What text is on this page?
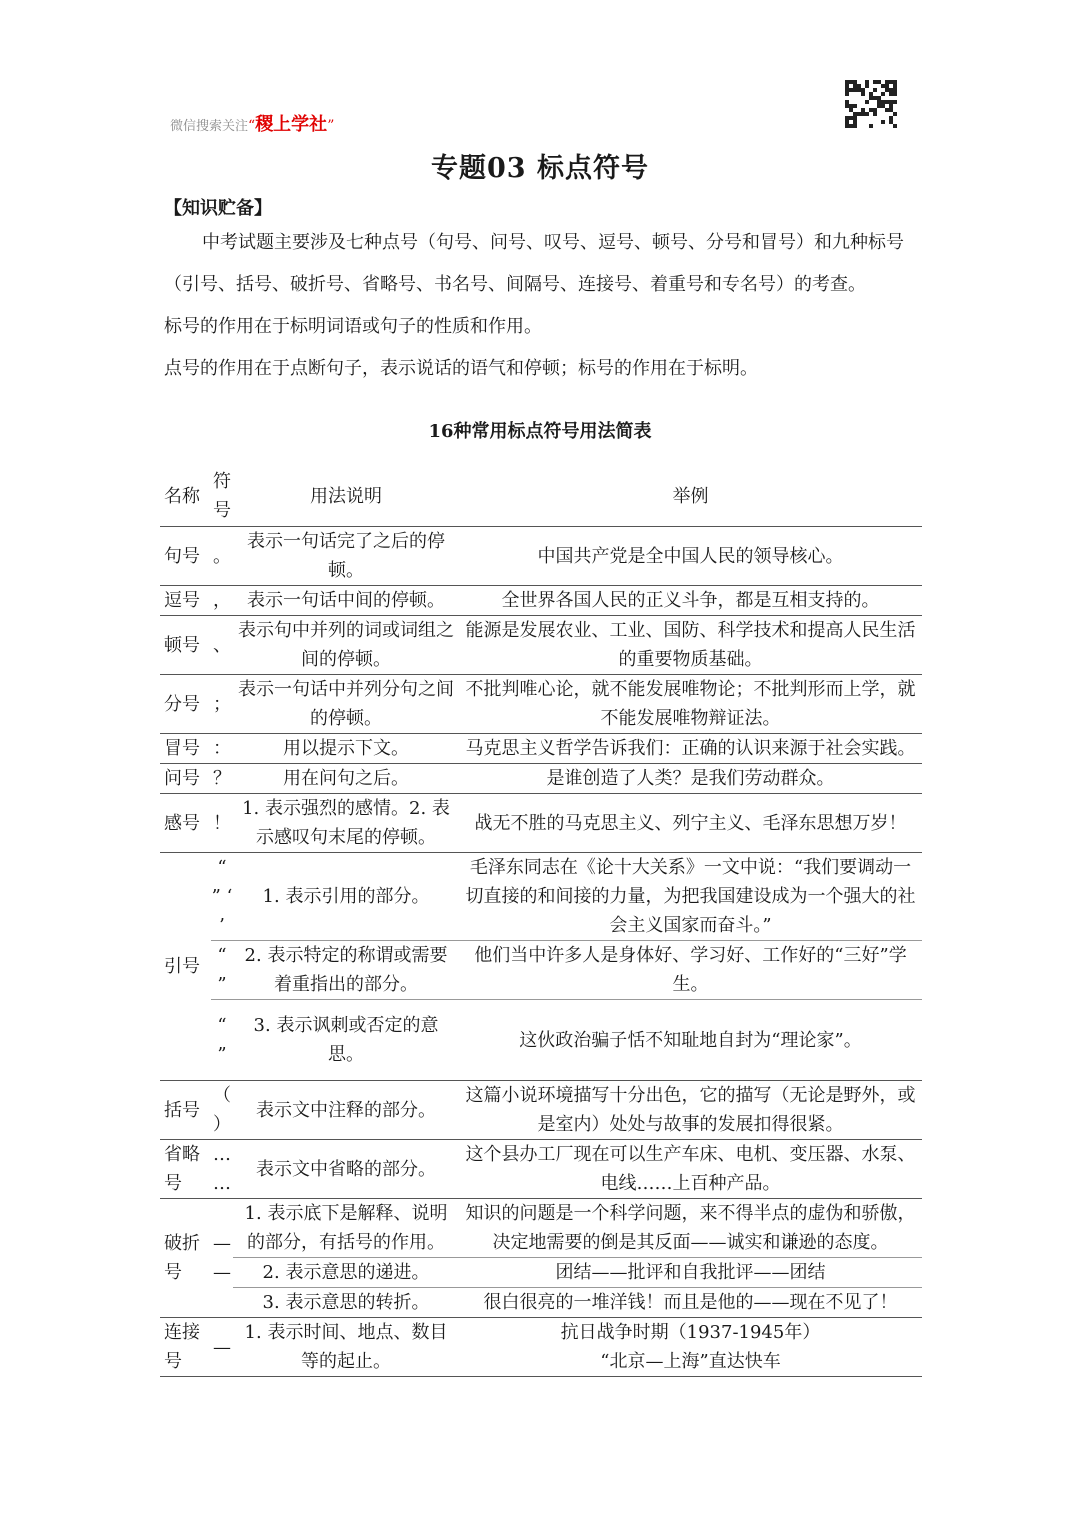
微信搜索关注“稷上学社”
专题03 标点符号
【知识贮备】

中考试题主要涉及七种点号（句号、问号、叹号、逗号、顿号、分号和冒号）和九种标号（引号、括号、破折号、省略号、书名号、间隔号、连接号、着重号和专名号）的考查。

标号的作用在于标明词语或句子的性质和作用。

点号的作用在于点断句子，表示说话的语气和停顿；标号的作用在于标明。

16种常用标点符号用法简表
名称	符号	用法说明	举例
句号	。	表示一句话完了之后的停顿。	中国共产党是全中国人民的领导核心。
逗号	，	表示一句话中间的停顿。	全世界各国人民的正义斗争，都是互相支持的。
顿号	、	表示句中并列的词或词组之间的停顿。	能源是发展农业、工业、国防、科学技术和提高人民生活的重要物质基础。
分号	；	表示一句话中并列分句之间的停顿。	不批判唯心论，就不能发展唯物论；不批判形而上学，就不能发展唯物辩证法。
冒号	：	用以提示下文。	马克思主义哲学告诉我们：正确的认识来源于社会实践。
问号	？	用在问句之后。	是谁创造了人类？是我们劳动群众。
感号	！	1. 表示强烈的感情。2. 表示感叹句末尾的停顿。	战无不胜的马克思主义、列宁主义、毛泽东思想万岁！
引号	“ ” ‘ ’	1. 表示引用的部分。	毛泽东同志在《论十大关系》一文中说：“我们要调动一切直接的和间接的力量，为把我国建设成为一个强大的社会主义国家而奋斗。”
	“ ”	2. 表示特定的称谓或需要着重指出的部分。	他们当中许多人是身体好、学习好、工作好的“三好”学生。
	“ ”	3. 表示讽刺或否定的意思。	这伙政治骗子恬不知耻地自封为“理论家”。
括号	（ ）	表示文中注释的部分。	这篇小说环境描写十分出色，它的描写（无论是野外，或是室内）处处与故事的发展扣得很紧。
省略号	… …	表示文中省略的部分。	这个县办工厂现在可以生产车床、电机、变压器、水泵、电线……上百种产品。
破折号	— —	1. 表示底下是解释、说明的部分，有括号的作用。	知识的问题是一个科学问题，来不得半点的虚伪和骄傲，决定地需要的倒是其反面——诚实和谦逊的态度。
		2. 表示意思的递进。	团结——批评和自我批评——团结
		3. 表示意思的转折。	很白很亮的一堆洋钱！而且是他的——现在不见了！
连接号	—	1. 表示时间、地点、数目等的起止。	抗日战争时期（1937-1945年）
“北京—上海”直达快车
